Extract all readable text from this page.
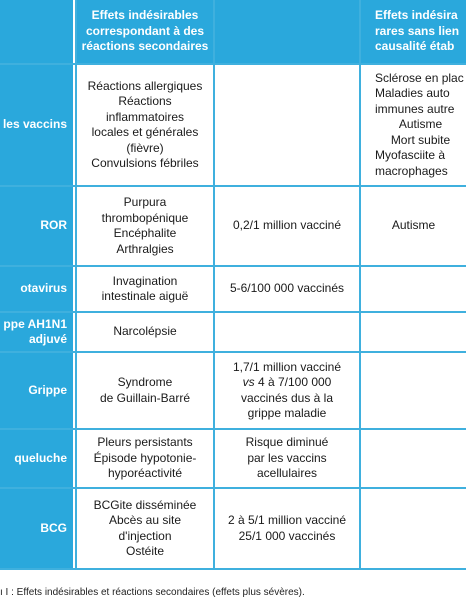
Effets indésirables
correspondant à des
réactions secondaires
Effets indésira
rares sans lien
causalité étab
les vaccins
Réactions allergiques
Réactions
inflammatoires
locales et générales
(fièvre)
Convulsions fébriles
Sclérose en plac
Maladies auto
immunes autre
Autisme
Mort subite
Myofasciite à
macrophages
ROR
Purpura
thrombopénique
Encéphalite
Arthralgies
0,2/1 million vacciné	Autisme
otavirus
Invagination
intestinale aiguë
5-6/100 000 vaccinés
ppe AH1N1
adjuvé
Narcolépsie
Grippe
Syndrome
de Guillain-Barré
1,7/1 million vacciné
vs 4 à 7/100 000
vaccinés dus à la
grippe maladie
queluche
Pleurs persistants
Épisode hypotonie-
hyporéactivité
Risque diminué
par les vaccins
acellulaires
BCG
BCGite disséminée
Abcès au site
d'injection
Ostéite
2 à 5/1 million vacciné
25/1 000 vaccinés
ı I : Effets indésirables et réactions secondaires (effets plus sévères).
